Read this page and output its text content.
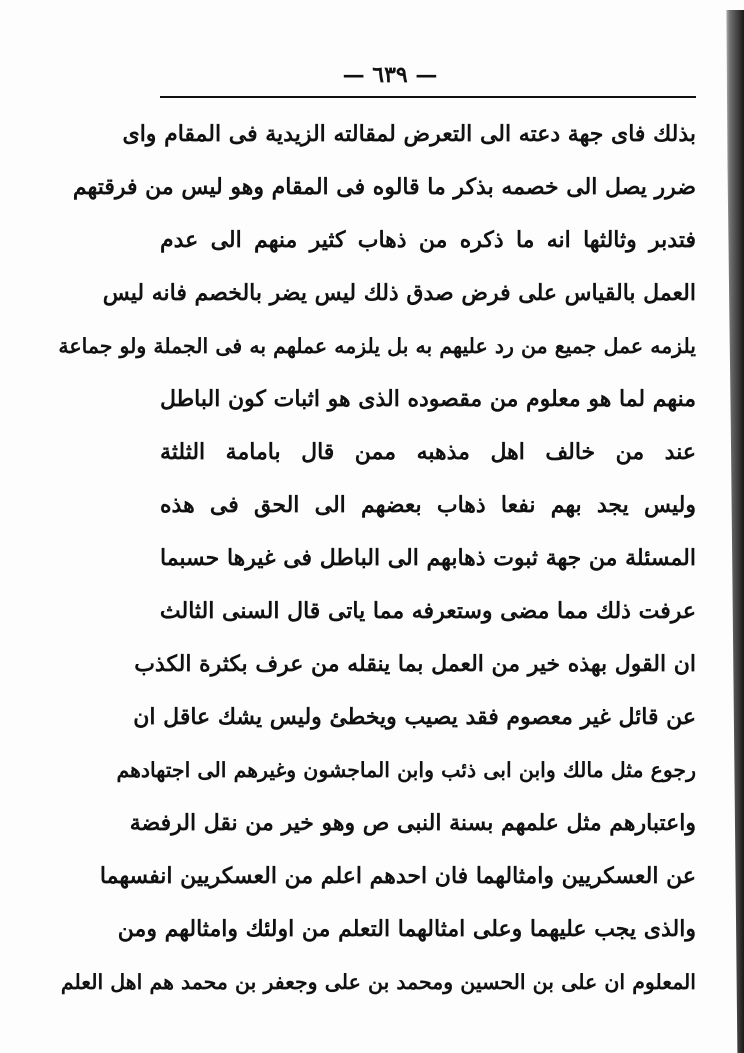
— ٦٣٩ —
بذلك فای جهة دعته الی التعرض لمقالته الزیدیة فی المقام وای
ضرر یصل الی خصمه بذکر ما قالوه فی المقام وهو لیس من فرقتهم
فتدبر وثالثها انه ما ذکره من ذهاب کثیر منهم الی عدم
العمل بالقیاس علی فرض صدق ذلك لیس یضر بالخصم فانه لیس
یلزمه عمل جمیع من رد علیهم به بل یلزمه عملهم به فی الجملة ولو جماعة
منهم لما هو معلوم من مقصوده الذی هو اثبات کون الباطل
عند من خالف اهل مذهبه ممن قال بامامة الثلثة
ولیس یجد بهم نفعا ذهاب بعضهم الی الحق فی هذه
المسئلة من جهة ثبوت ذهابهم الی الباطل فی غیرها حسبما
عرفت ذلك مما مضی وستعرفه مما یاتی قال السنی الثالث
ان القول بهذه خیر من العمل بما ینقله من عرف بکثرة الکذب
عن قائل غیر معصوم فقد یصیب ویخطئ ولیس یشك عاقل ان
رجوع مثل مالك وابن ابی ذئب وابن الماجشون وغیرهم الی اجتهادهم
واعتبارهم مثل علمهم بسنة النبی ص وهو خیر من نقل الرفضة
عن العسکریین وامثالهما فان احدهم اعلم من العسکریین انفسهما
والذی یجب علیهما وعلی امثالهما التعلم من اولئك وامثالهم ومن
المعلوم ان علی بن الحسین ومحمد بن علی وجعفر بن محمد هم اهل العلم
